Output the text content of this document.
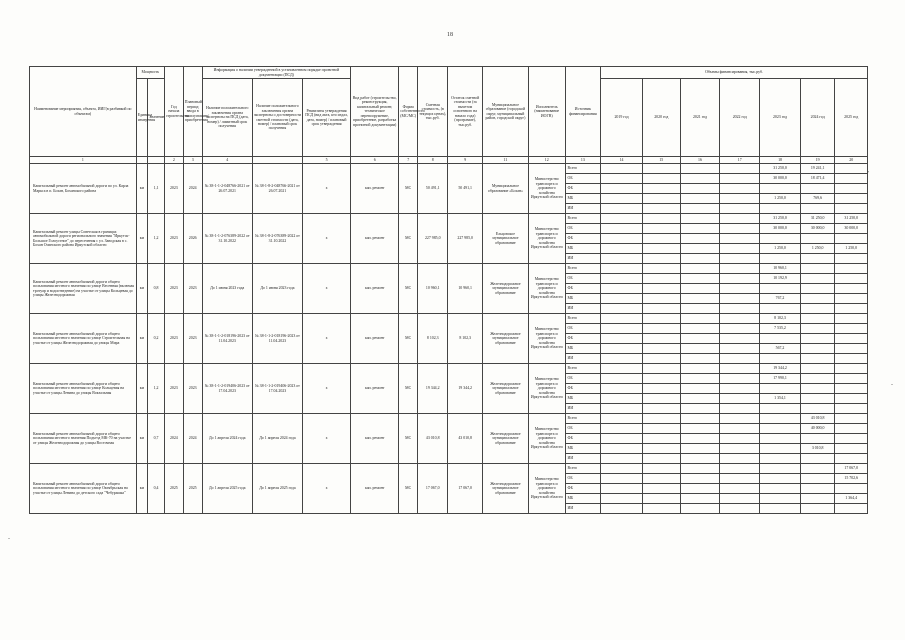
18
'
-
-
Наименование мероприятия, объекта, ИИГ(в разбивкой по объектам)	Мощность		Год начала строительства	Плановый период ввода в эксплуатацию/приобретения	Информация о наличии утвержденной в установленном порядке проектной документации (ПСД)			Вид работ (строительство, реконструкция, капитальный ремонт, техническое перевооружение, приобретение, разработка проектной документации)	Форма собственности (МС/МС)	Сметная стоимость, (в текущих ценах), тыс.руб.	Остаток сметной стоимости (за вычетом освоенного на начало года) (программе), тыс.руб.	Муниципальное образование (городской округ, муниципальный район, городской округ)	Исполнитель (наименование ИОГВ)	Источник финансирования	Объемы финансирования, тыс.руб.						
	Единица измерения	Значение			Наличие положительного заключения органа экспертизы на ПСД (дата, номер) / лимитный срок получения	Наличие положительного заключения органа экспертизы о достоверности сметной стоимости (дата, номер) / плановый срок получения	Реквизиты утверждения ПСД (вид акта, кто издал, дата, номер) / плановый срок утверждения								2019 год	2020 год	2021 год	2022 год	2023 год	2024 год	2025 год
1			2	3	4		5	6	7	8	9	11	12	13	14	15	16	17	18	19	20
Капитальный ремонт автомобильной дороги по ул. Карла Маркса в п. Бохан, Боханского района	км	1,1	2023	2024	№ 38-1-1-2-048766-2021 от 26.07.2021	№ 38-1-8-2-048766-2021 от 26.07.2021	х	кап. ремонт	МС	50 491,1	50 491,1	Муниципальное образование «Бохан»	Министерство транспорта и дорожного хозяйства Иркутской области	Всего					31 250,0	19 241,1	
														ОБ					30 000,0	18 471,4	
														ФБ							
														МБ					1 250,0	769,6	
														ИИ							
Капитальный ремонт улицы Советская в границах автомобильной дороги регионального значения "Иркутск-Большое Голоустное" до пересечения с ул. Заводская в с. Бохан Осинского района Иркутской области	км	1,2	2023	2026	№ 38-1-1-2-076389-2022 от 31.10.2022	№ 38-1-8-2-076389-2022 от 31.10.2022	х	кап. ремонт	МС	227 985,0	227 985,0	Ельцовское муниципальное образование	Министерство транспорта и дорожного хозяйства Иркутской области	Всего					31 250,0	31 250,0	31 250,0
														ОБ					30 000,0	30 000,0	30 000,0
														ФБ							
														МБ					1 250,0	1 250,0	1 250,0
														ИИ							
Капитальный ремонт автомобильной дороги общего пользования местного значения по улице Весенняя (включая тротуар и водоотведение) на участке от улицы Кольцевая до улицы Железнодорожная	км	0,8	2023	2023	До 1 июня 2023 года	До 1 июня 2023 года	х	кап. ремонт	МС	10 960,1	10 960,1	Железнодорожное муниципальное образование	Министерство транспорта и дорожного хозяйства Иркутской области	Всего					10 960,1		
														ОБ					10 192,9		
														ФБ							
														МБ					767,2		
														ИИ							
Капитальный ремонт автомобильной дороги общего пользования местного значения по улице Строительная на участке от улицы Железнодорожная до улицы Мира	км	0,2	2023	2023	№ 38-1-1-2-018196-2023 от 11.04.2023	№ 38-1-1-2-018196-2023 от 11.04.2023	х	кап. ремонт	МС	8 102,3	8 102,3	Железнодорожное муниципальное образование	Министерство транспорта и дорожного хозяйства Иркутской области	Всего					8 102,3		
														ОБ					7 535,2		
														ФБ							
														МБ					567,2		
														ИИ							
Капитальный ремонт автомобильной дороги общего пользования местного значения по улице Кольцевая на участке от улицы Ленина до улицы Вокзальная	км	1,2	2023	2023	№ 38-1-1-2-019406-2023 от 17.04.2023	№ 38-1-1-2-019406-2023 от 17.04.2023	х	кап. ремонт	МС	19 344,2	19 344,2	Железнодорожное муниципальное образование	Министерство транспорта и дорожного хозяйства Иркутской области	Всего					19 344,2		
														ОБ					17 990,1		
														ФБ							
														МБ					1 354,1		
														ИИ							
Капитальный ремонт автомобильной дороги общего пользования местного значения Подъезд МК-70 на участке от улицы Железнодорожная до улицы Восточная	км	0,7	2024	2024	До 1 апреля 2024 года	До 1 апреля 2024 года	х	кап. ремонт	МС	43 010,8	43 010,8	Железнодорожное муниципальное образование	Министерство транспорта и дорожного хозяйства Иркутской области	Всего						43 010,8	
														ОБ						40 000,0	
														ФБ							
														МБ						3 010,8	
														ИИ							
Капитальный ремонт автомобильной дороги общего пользования местного значения по улице Октябрьская на участке от улицы Ленина до детского сада "Чебурашка"	км	0,4	2025	2025	До 1 апреля 2025 года	До 1 апреля 2025 года	х	кап. ремонт	МС	17 067,0	17 067,0	Железнодорожное муниципальное образование	Министерство транспорта и дорожного хозяйства Иркутской области	Всего							17 067,0
														ОБ							15 702,6
														ФБ							
														МБ							1 364,4
														ИИ							
